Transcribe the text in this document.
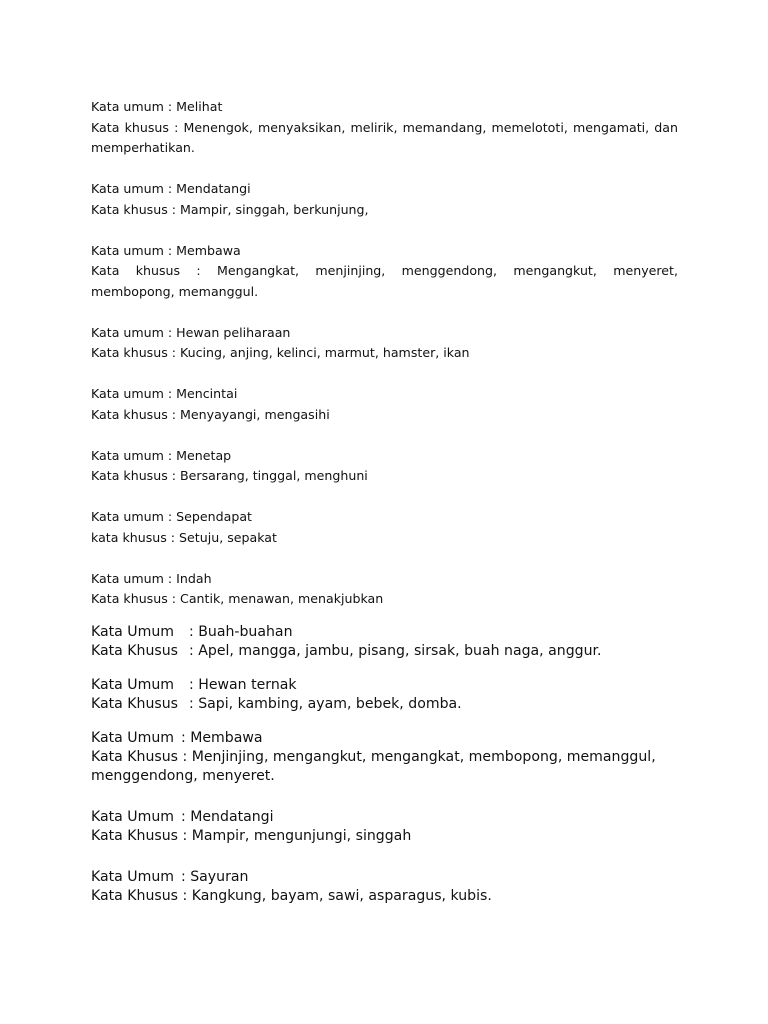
Kata umum : Melihat
Kata khusus : Menengok, menyaksikan, melirik, memandang, memelototi, mengamati, dan memperhatikan.
Kata umum : Mendatangi
Kata khusus : Mampir, singgah, berkunjung,
Kata umum : Membawa
Kata khusus : Mengangkat, menjinjing, menggendong, mengangkut, menyeret, membopong, memanggul.
Kata umum : Hewan peliharaan
Kata khusus : Kucing, anjing, kelinci, marmut, hamster, ikan
Kata umum : Mencintai
Kata khusus : Menyayangi, mengasihi
Kata umum : Menetap
Kata khusus : Bersarang, tinggal, menghuni
Kata umum : Sependapat
kata khusus : Setuju, sepakat
Kata umum : Indah
Kata khusus : Cantik, menawan, menakjubkan
Kata Umum : Buah-buahan
Kata Khusus : Apel, mangga, jambu, pisang, sirsak, buah naga, anggur.
Kata Umum : Hewan ternak
Kata Khusus : Sapi, kambing, ayam, bebek, domba.
Kata Umum : Membawa
Kata Khusus : Menjinjing, mengangkut, mengangkat, membopong, memanggul,
menggendong, menyeret.
Kata Umum : Mendatangi
Kata Khusus : Mampir, mengunjungi, singgah
Kata Umum : Sayuran
Kata Khusus : Kangkung, bayam, sawi, asparagus, kubis.
